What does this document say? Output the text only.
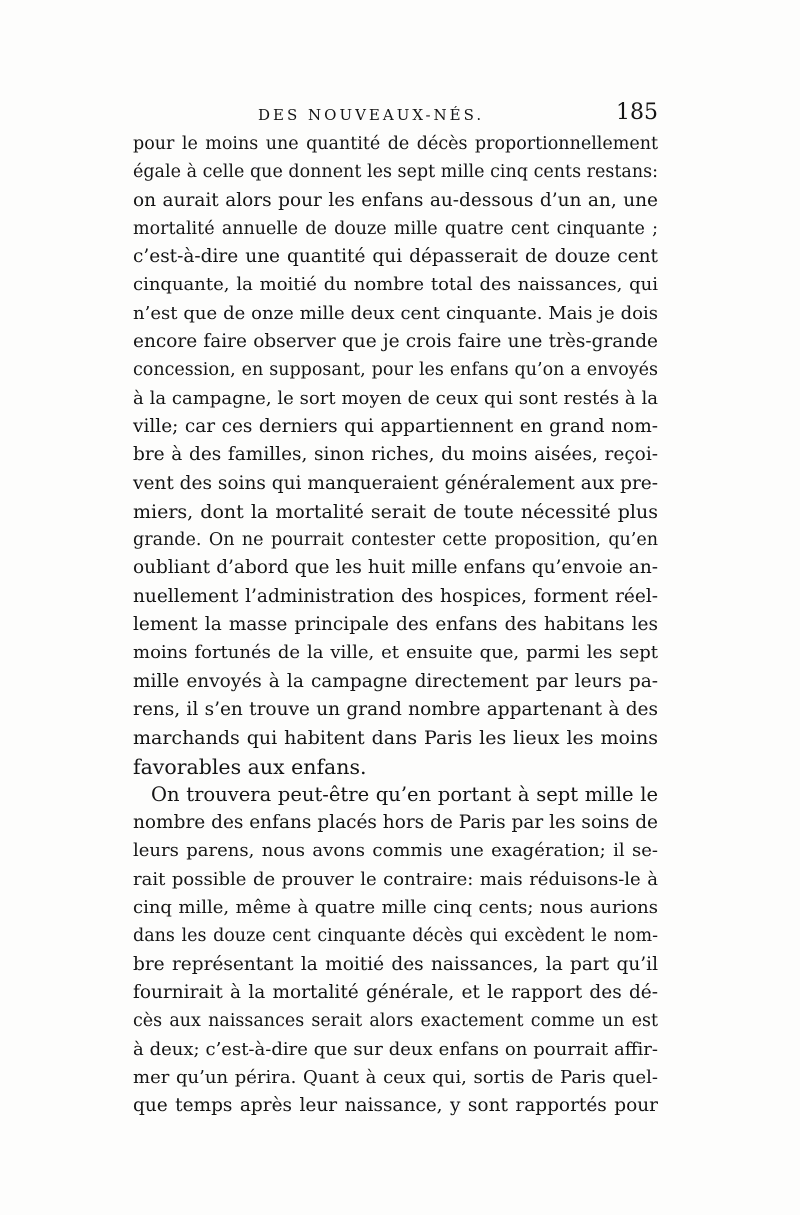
DES NOUVEAUX-NÉS.	185
pour le moins une quantité de décès proportionnellement
égale à celle que donnent les sept mille cinq cents restans:
on aurait alors pour les enfans au-dessous d’un an, une
mortalité annuelle de douze mille quatre cent cinquante ;
c’est-à-dire une quantité qui dépasserait de douze cent
cinquante, la moitié du nombre total des naissances, qui
n’est que de onze mille deux cent cinquante. Mais je dois
encore faire observer que je crois faire une très-grande
concession, en supposant, pour les enfans qu’on a envoyés
à la campagne, le sort moyen de ceux qui sont restés à la
ville; car ces derniers qui appartiennent en grand nom-
bre à des familles, sinon riches, du moins aisées, reçoi-
vent des soins qui manqueraient généralement aux pre-
miers, dont la mortalité serait de toute nécessité plus
grande. On ne pourrait contester cette proposition, qu’en
oubliant d’abord que les huit mille enfans qu’envoie an-
nuellement l’administration des hospices, forment réel-
lement la masse principale des enfans des habitans les
moins fortunés de la ville, et ensuite que, parmi les sept
mille envoyés à la campagne directement par leurs pa-
rens, il s’en trouve un grand nombre appartenant à des
marchands qui habitent dans Paris les lieux les moins
favorables aux enfans.
On trouvera peut-être qu’en portant à sept mille le
nombre des enfans placés hors de Paris par les soins de
leurs parens, nous avons commis une exagération; il se-
rait possible de prouver le contraire: mais réduisons-le à
cinq mille, même à quatre mille cinq cents; nous aurions
dans les douze cent cinquante décès qui excèdent le nom-
bre représentant la moitié des naissances, la part qu’il
fournirait à la mortalité générale, et le rapport des dé-
cès aux naissances serait alors exactement comme un est
à deux; c’est-à-dire que sur deux enfans on pourrait affir-
mer qu’un périra. Quant à ceux qui, sortis de Paris quel-
que temps après leur naissance, y sont rapportés pour
